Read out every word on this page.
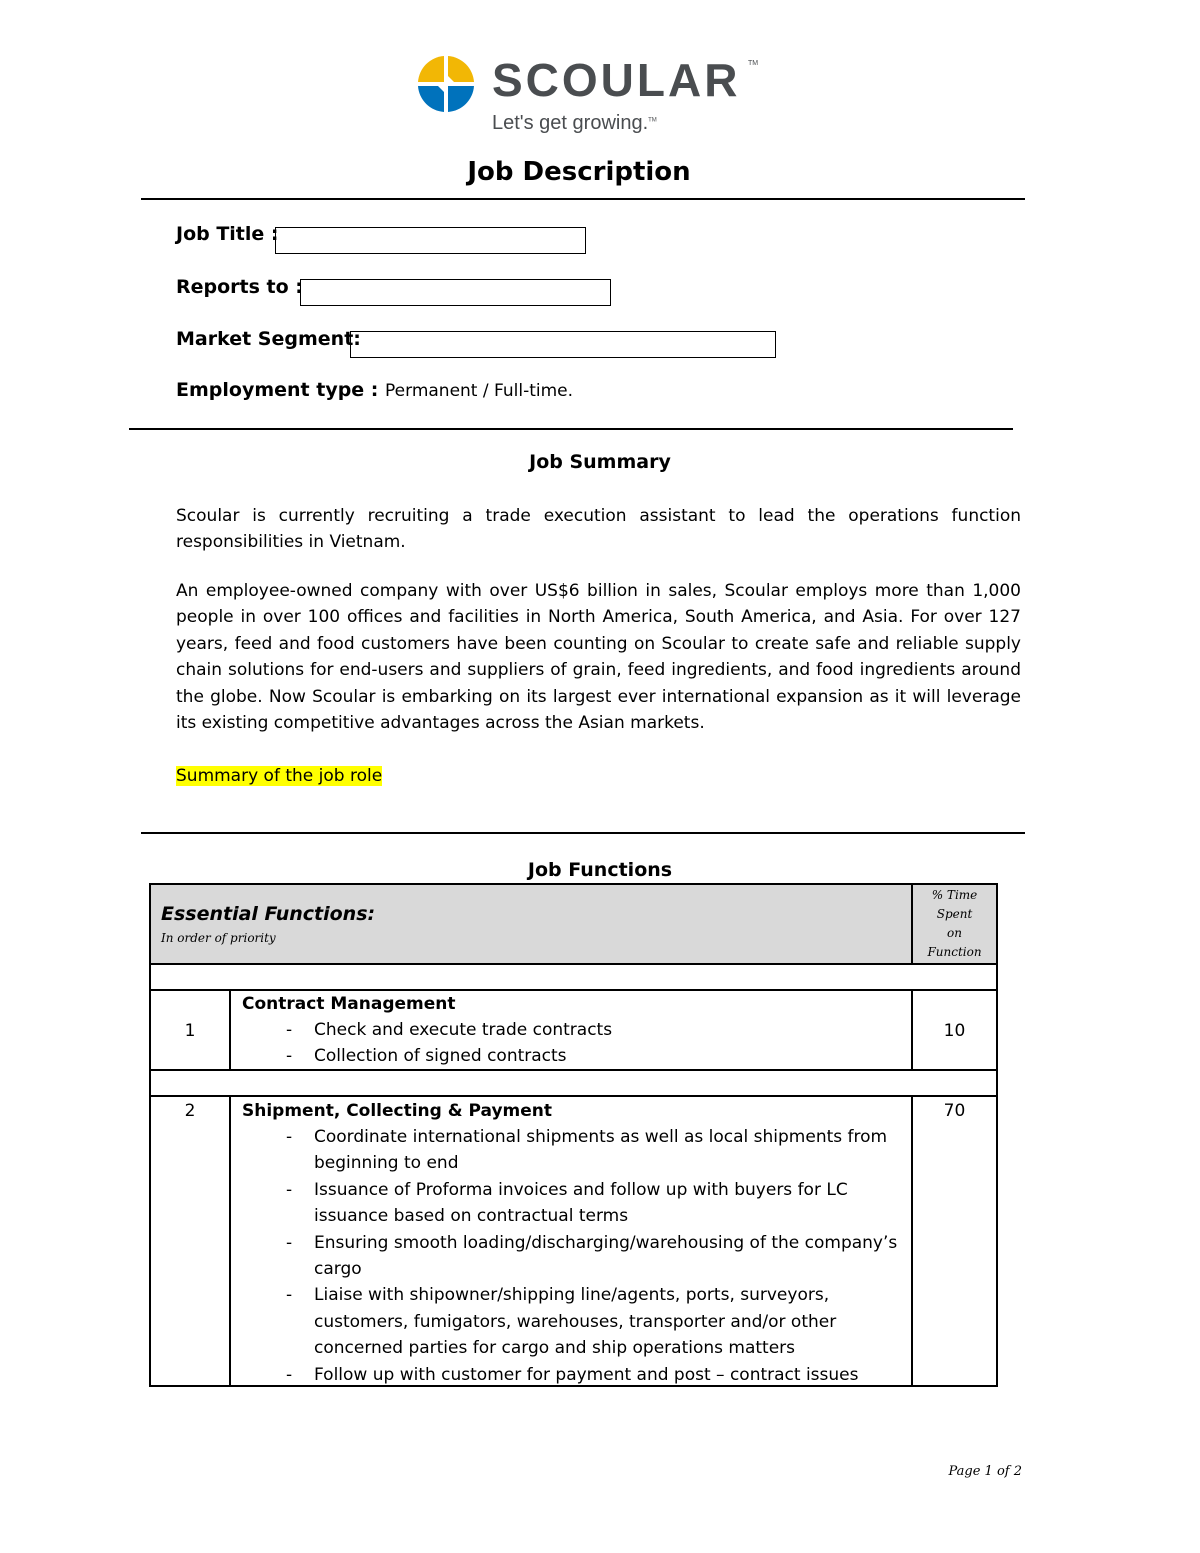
SCOULAR TM
Let's get growing.™
Job Description
Job Title :
Reports to :
Market Segment:
Employment type : Permanent / Full-time.
Job Summary
Scoular is currently recruiting a trade execution assistant to lead the operations function responsibilities in Vietnam.
An employee-owned company with over US$6 billion in sales, Scoular employs more than 1,000 people in over 100 offices and facilities in North America, South America, and Asia. For over 127 years, feed and food customers have been counting on Scoular to create safe and reliable supply chain solutions for end-users and suppliers of grain, feed ingredients, and food ingredients around the globe. Now Scoular is embarking on its largest ever international expansion as it will leverage its existing competitive advantages across the Asian markets.
Summary of the job role
Job Functions
Essential Functions:
In order of priority
% Time
Spent
on
Function
1
Contract Management
- Check and execute trade contracts
- Collection of signed contracts
10
2	Shipment, Collecting & Payment
- Coordinate international shipments as well as local shipments from beginning to end
- Issuance of Proforma invoices and follow up with buyers for LC issuance based on contractual terms
- Ensuring smooth loading/discharging/warehousing of the company’s cargo
- Liaise with shipowner/shipping line/agents, ports, surveyors, customers, fumigators, warehouses, transporter and/or other concerned parties for cargo and ship operations matters
- Follow up with customer for payment and post – contract issues
70
Page 1 of 2
